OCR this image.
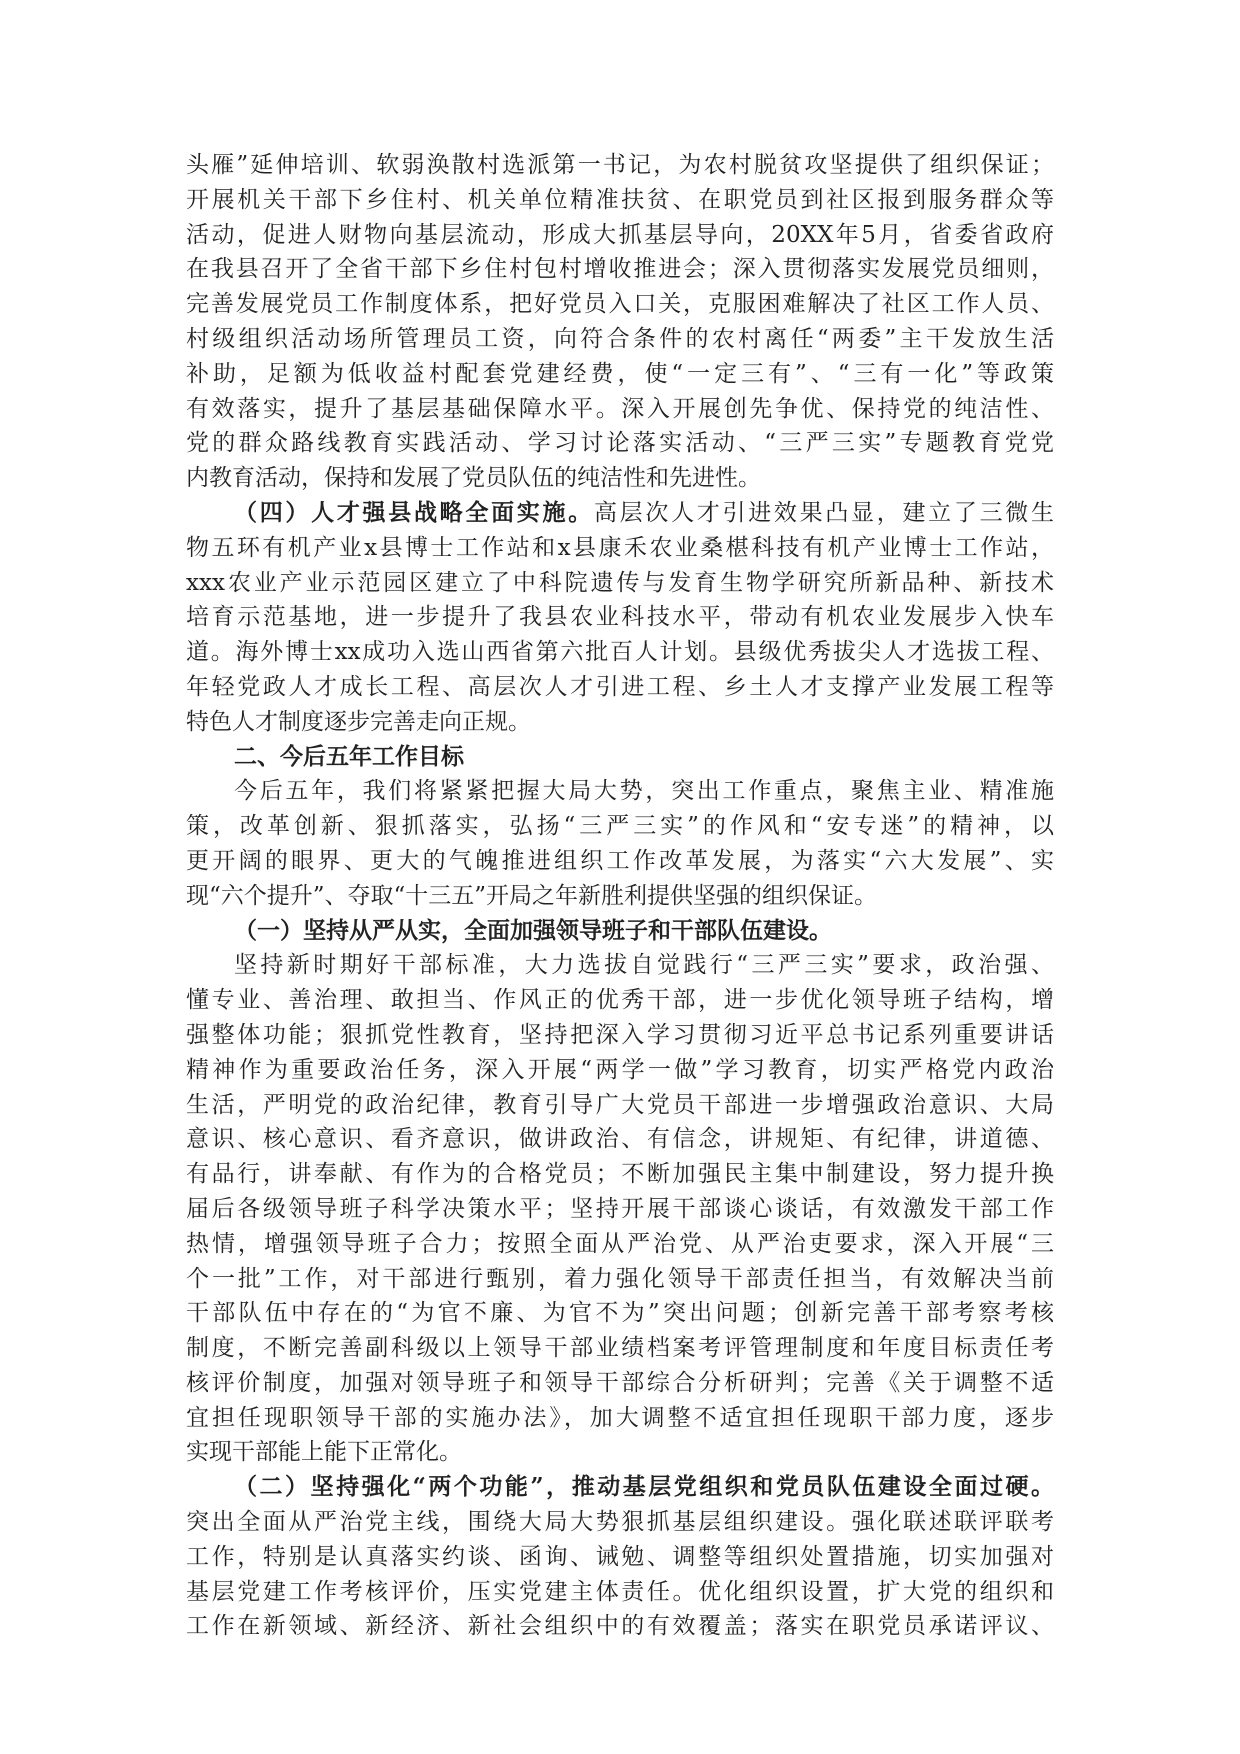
头雁”延伸培训、软弱涣散村选派第一书记，为农村脱贫攻坚提供了组织保证；
开展机关干部下乡住村、机关单位精准扶贫、在职党员到社区报到服务群众等
活动，促进人财物向基层流动，形成大抓基层导向，20XX年5月，省委省政府
在我县召开了全省干部下乡住村包村增收推进会；深入贯彻落实发展党员细则，
完善发展党员工作制度体系，把好党员入口关，克服困难解决了社区工作人员、
村级组织活动场所管理员工资，向符合条件的农村离任“两委”主干发放生活
补助，足额为低收益村配套党建经费，使“一定三有”、“三有一化”等政策
有效落实，提升了基层基础保障水平。深入开展创先争优、保持党的纯洁性、
党的群众路线教育实践活动、学习讨论落实活动、“三严三实”专题教育党党
内教育活动，保持和发展了党员队伍的纯洁性和先进性。
（四）人才强县战略全面实施。高层次人才引进效果凸显，建立了三微生
物五环有机产业x县博士工作站和x县康禾农业桑椹科技有机产业博士工作站，
xxx农业产业示范园区建立了中科院遗传与发育生物学研究所新品种、新技术
培育示范基地，进一步提升了我县农业科技水平，带动有机农业发展步入快车
道。海外博士xx成功入选山西省第六批百人计划。县级优秀拔尖人才选拔工程、
年轻党政人才成长工程、高层次人才引进工程、乡土人才支撑产业发展工程等
特色人才制度逐步完善走向正规。
二、今后五年工作目标
今后五年，我们将紧紧把握大局大势，突出工作重点，聚焦主业、精准施
策，改革创新、狠抓落实，弘扬“三严三实”的作风和“安专迷”的精神，以
更开阔的眼界、更大的气魄推进组织工作改革发展，为落实“六大发展”、实
现“六个提升”、夺取“十三五”开局之年新胜利提供坚强的组织保证。
（一）坚持从严从实，全面加强领导班子和干部队伍建设。
坚持新时期好干部标准，大力选拔自觉践行“三严三实”要求，政治强、
懂专业、善治理、敢担当、作风正的优秀干部，进一步优化领导班子结构，增
强整体功能；狠抓党性教育，坚持把深入学习贯彻习近平总书记系列重要讲话
精神作为重要政治任务，深入开展“两学一做”学习教育，切实严格党内政治
生活，严明党的政治纪律，教育引导广大党员干部进一步增强政治意识、大局
意识、核心意识、看齐意识，做讲政治、有信念，讲规矩、有纪律，讲道德、
有品行，讲奉献、有作为的合格党员；不断加强民主集中制建设，努力提升换
届后各级领导班子科学决策水平；坚持开展干部谈心谈话，有效激发干部工作
热情，增强领导班子合力；按照全面从严治党、从严治吏要求，深入开展“三
个一批”工作，对干部进行甄别，着力强化领导干部责任担当，有效解决当前
干部队伍中存在的“为官不廉、为官不为”突出问题；创新完善干部考察考核
制度，不断完善副科级以上领导干部业绩档案考评管理制度和年度目标责任考
核评价制度，加强对领导班子和领导干部综合分析研判；完善《关于调整不适
宜担任现职领导干部的实施办法》，加大调整不适宜担任现职干部力度，逐步
实现干部能上能下正常化。
（二）坚持强化“两个功能”，推动基层党组织和党员队伍建设全面过硬。
突出全面从严治党主线，围绕大局大势狠抓基层组织建设。强化联述联评联考
工作，特别是认真落实约谈、函询、诫勉、调整等组织处置措施，切实加强对
基层党建工作考核评价，压实党建主体责任。优化组织设置，扩大党的组织和
工作在新领域、新经济、新社会组织中的有效覆盖；落实在职党员承诺评议、
